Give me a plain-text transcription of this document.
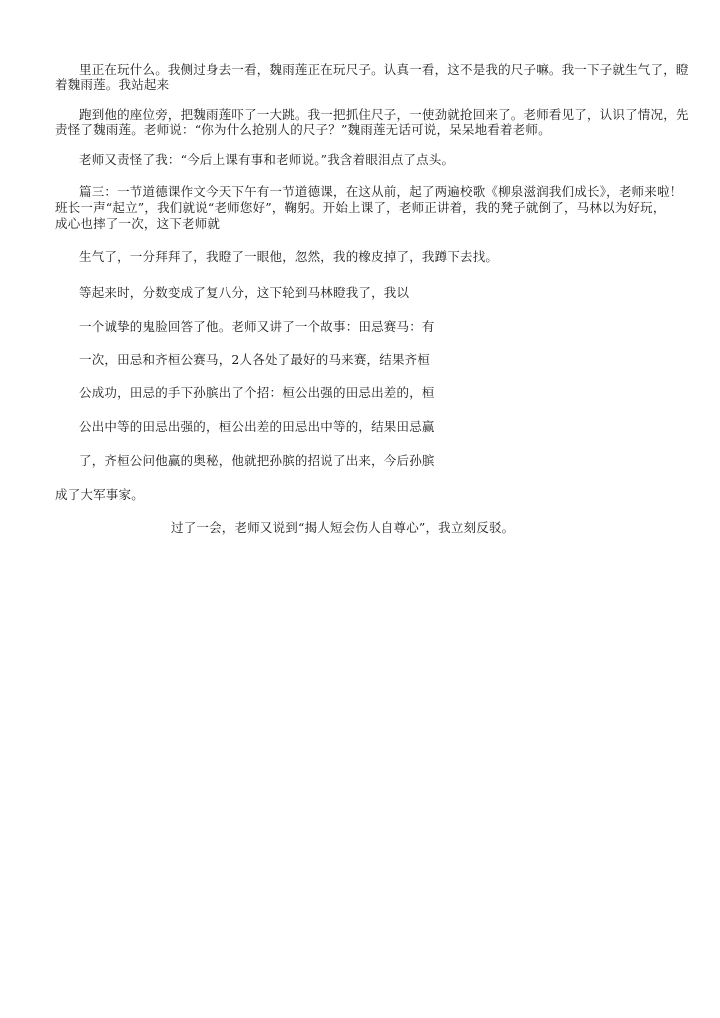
里正在玩什么。我侧过身去一看，魏雨莲正在玩尺子。认真一看，这不是我的尺子嘛。我一下子就生气了，瞪

着魏雨莲。我站起来

跑到他的座位旁，把魏雨莲吓了一大跳。我一把抓住尺子，一使劲就抢回来了。老师看见了，认识了情况，先

责怪了魏雨莲。老师说：“你为什么抢别人的尺子？”魏雨莲无话可说，呆呆地看着老师。

老师又责怪了我：“今后上课有事和老师说。”我含着眼泪点了点头。

篇三：一节道德课作文今天下午有一节道德课，在这从前，起了两遍校歌《柳泉滋润我们成长》，老师来啦！

班长一声“起立”，我们就说“老师您好”，鞠躬。开始上课了，老师正讲着，我的凳子就倒了，马林以为好玩，

成心也摔了一次，这下老师就

生气了，一分拜拜了，我瞪了一眼他，忽然，我的橡皮掉了，我蹲下去找。

等起来时，分数变成了复八分，这下轮到马林瞪我了，我以

一个诚挚的鬼脸回答了他。老师又讲了一个故事：田忌赛马：有

一次，田忌和齐桓公赛马，2人各处了最好的马来赛，结果齐桓

公成功，田忌的手下孙膑出了个招：桓公出强的田忌出差的，桓

公出中等的田忌出强的，桓公出差的田忌出中等的，结果田忌赢

了，齐桓公问他赢的奥秘，他就把孙膑的招说了出来，今后孙膑

成了大军事家。

过了一会，老师又说到“揭人短会伤人自尊心”，我立刻反驳。
